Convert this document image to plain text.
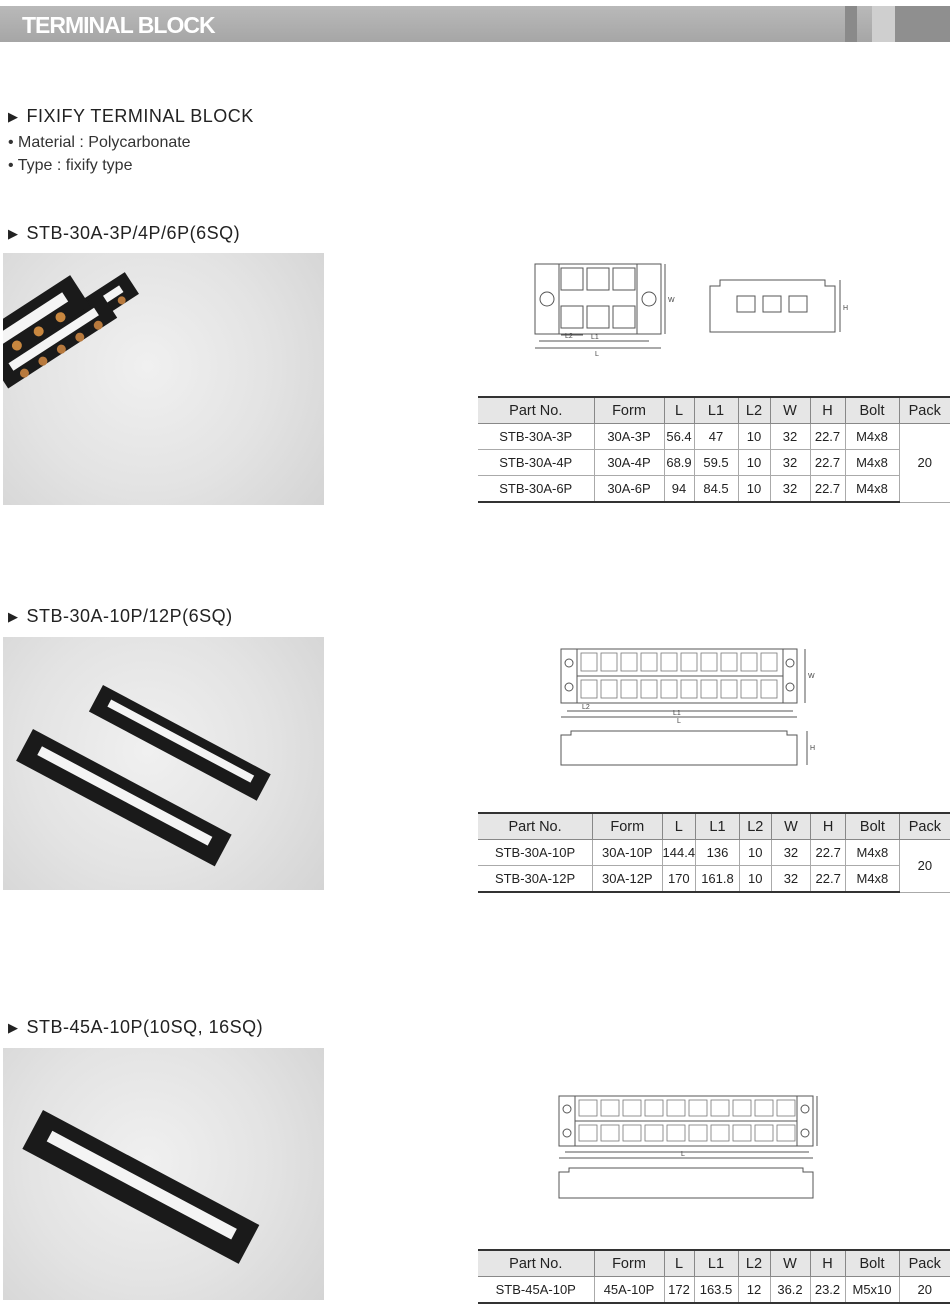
TERMINAL BLOCK
▶ FIXIFY TERMINAL BLOCK
• Material : Polycarbonate
• Type : fixify type
▶ STB-30A-3P/4P/6P(6SQ)
L2	L1
L
W
H
Part No.	Form	L	L1	L2	W	H	Bolt	Pack
STB-30A-3P	30A-3P	56.4	47	10	32	22.7	M4x8	20
STB-30A-4P	30A-4P	68.9	59.5	10	32	22.7	M4x8	
STB-30A-6P	30A-6P	94	84.5	10	32	22.7	M4x8	
▶ STB-30A-10P/12P(6SQ)
L1
L
L2
W
H
Part No.	Form	L	L1	L2	W	H	Bolt	Pack
STB-30A-10P	30A-10P	144.4	136	10	32	22.7	M4x8	20
STB-30A-12P	30A-12P	170	161.8	10	32	22.7	M4x8	
▶ STB-45A-10P(10SQ, 16SQ)
L
Part No.	Form	L	L1	L2	W	H	Bolt	Pack
STB-45A-10P	45A-10P	172	163.5	12	36.2	23.2	M5x10	20
